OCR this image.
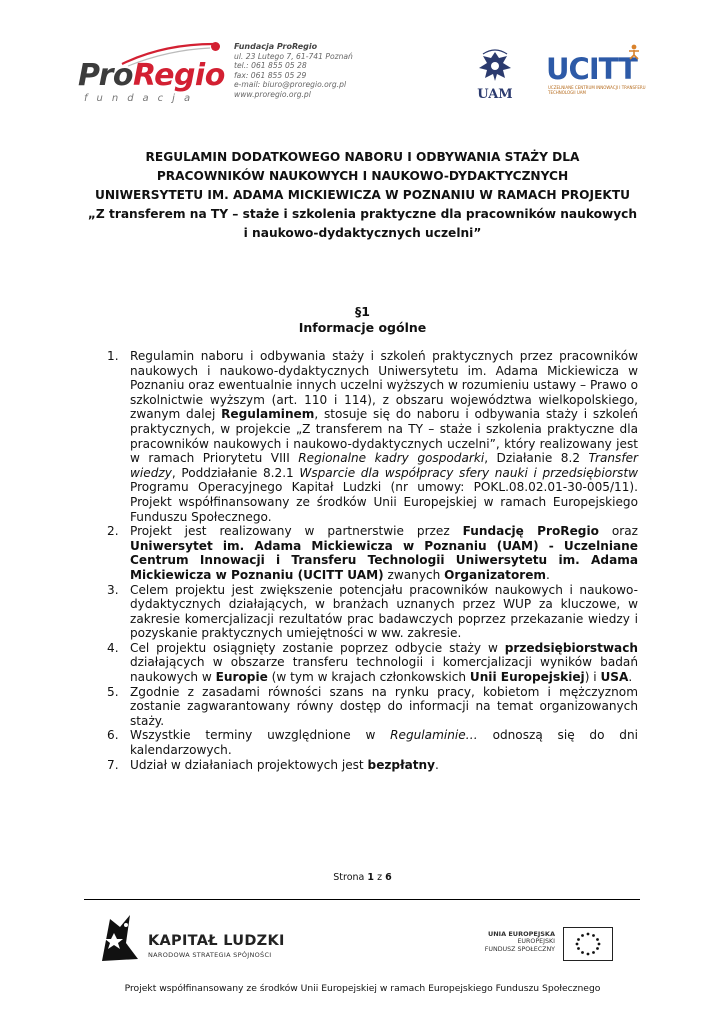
ProRegio
fundacja
Fundacja ProRegio
ul. 23 Lutego 7, 61-741 Poznań
tel.: 061 855 05 28
fax: 061 855 05 29
e-mail: biuro@proregio.org.pl
www.proregio.org.pl	UAM
UCITT
UCZELNIANE CENTRUM INNOWACJI I TRANSFERU TECHNOLOGII UAM
REGULAMIN DODATKOWEGO NABORU I ODBYWANIA STAŻY DLA
PRACOWNIKÓW NAUKOWYCH I NAUKOWO-DYDAKTYCZNYCH
UNIWERSYTETU IM. ADAMA MICKIEWICZA W POZNANIU W RAMACH PROJEKTU
„Z transferem na TY – staże i szkolenia praktyczne dla pracowników naukowych
i naukowo-dydaktycznych uczelni”
§1
Informacje ogólne
1. Regulamin naboru i odbywania staży i szkoleń praktycznych przez pracowników naukowych i naukowo-dydaktycznych Uniwersytetu im. Adama Mickiewicza w Poznaniu oraz ewentualnie innych uczelni wyższych w rozumieniu ustawy – Prawo o szkolnictwie wyższym (art. 110 i 114), z obszaru województwa wielkopolskiego, zwanym dalej Regulaminem, stosuje się do naboru i odbywania staży i szkoleń praktycznych, w projekcie „Z transferem na TY – staże i szkolenia praktyczne dla pracowników naukowych i naukowo-dydaktycznych uczelni”, który realizowany jest w ramach Priorytetu VIII Regionalne kadry gospodarki, Działanie 8.2 Transfer wiedzy, Poddziałanie 8.2.1 Wsparcie dla współpracy sfery nauki i przedsiębiorstw Programu Operacyjnego Kapitał Ludzki (nr umowy: POKL.08.02.01-30-005/11). Projekt współfinansowany ze środków Unii Europejskiej w ramach Europejskiego Funduszu Społecznego.
2. Projekt jest realizowany w partnerstwie przez Fundację ProRegio oraz Uniwersytet im. Adama Mickiewicza w Poznaniu (UAM) - Uczelniane Centrum Innowacji i Transferu Technologii Uniwersytetu im. Adama Mickiewicza w Poznaniu (UCITT UAM) zwanych Organizatorem.
3. Celem projektu jest zwiększenie potencjału pracowników naukowych i naukowo-dydaktycznych działających, w branżach uznanych przez WUP za kluczowe, w zakresie komercjalizacji rezultatów prac badawczych poprzez przekazanie wiedzy i pozyskanie praktycznych umiejętności w ww. zakresie.
4. Cel projektu osiągnięty zostanie poprzez odbycie staży w przedsiębiorstwach działających w obszarze transferu technologii i komercjalizacji wyników badań naukowych w Europie (w tym w krajach członkowskich Unii Europejskiej) i USA.
5. Zgodnie z zasadami równości szans na rynku pracy, kobietom i mężczyznom zostanie zagwarantowany równy dostęp do informacji na temat organizowanych staży.
6. Wszystkie terminy uwzględnione w Regulaminie… odnoszą się do dni kalendarzowych.
7. Udział w działaniach projektowych jest bezpłatny.
Strona 1 z 6
KAPITAŁ LUDZKI
NARODOWA STRATEGIA SPÓJNOŚCI
UNIA EUROPEJSKA
EUROPEJSKI
FUNDUSZ SPOŁECZNY
Projekt współfinansowany ze środków Unii Europejskiej w ramach Europejskiego Funduszu Społecznego
